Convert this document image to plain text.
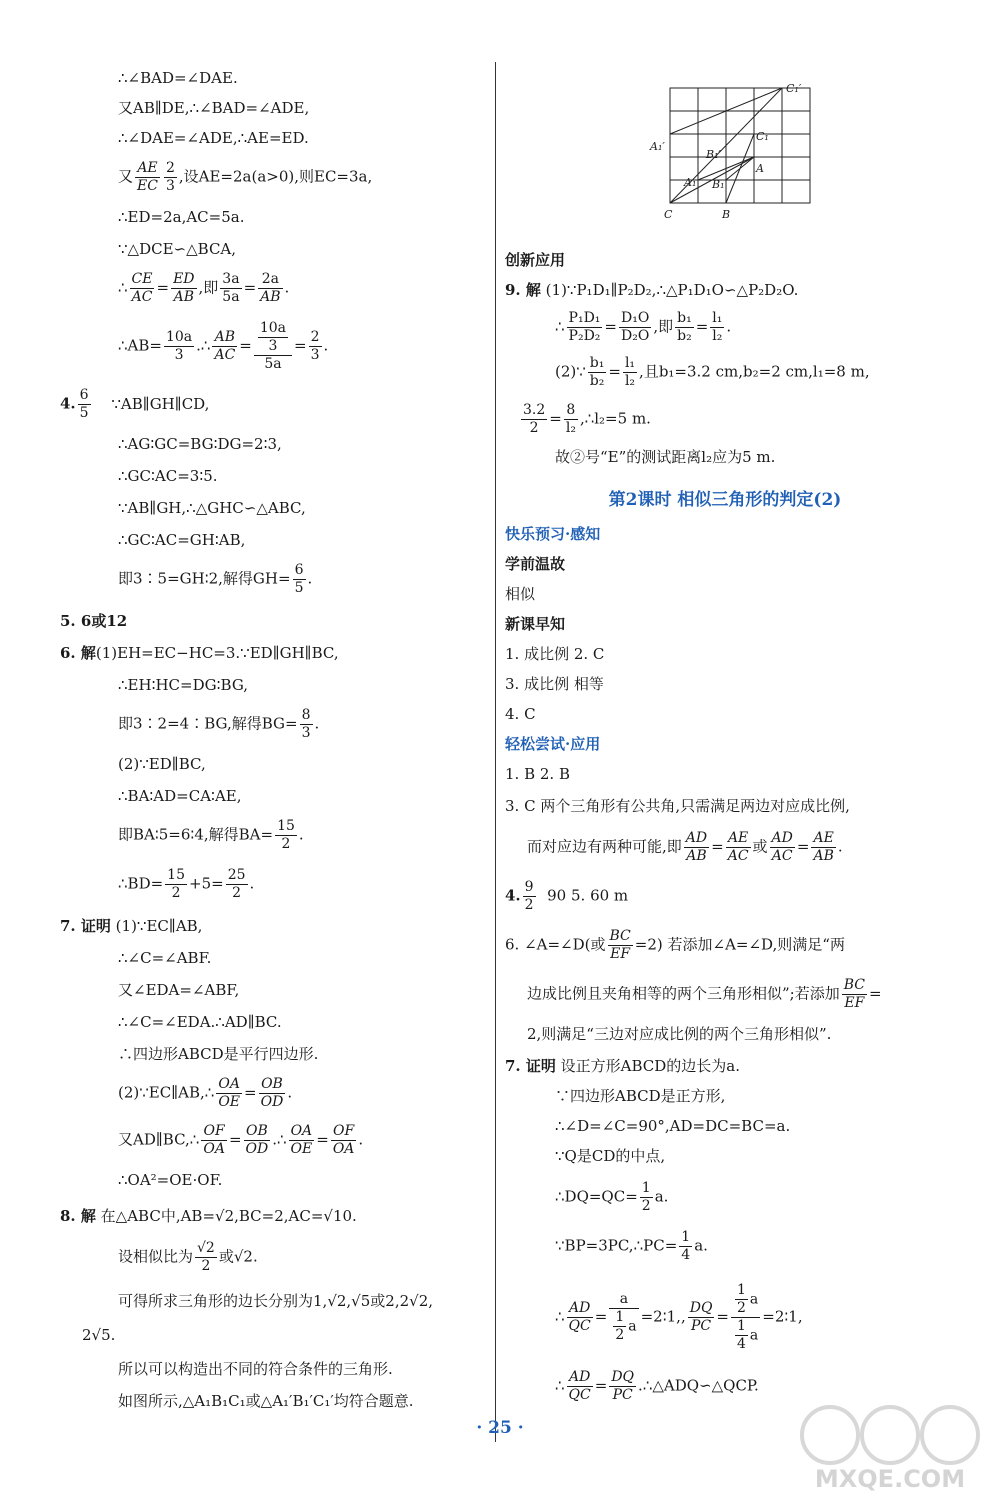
∴∠BAD=∠DAE.
又AB∥DE,∴∠BAD=∠ADE,
∴∠DAE=∠ADE,∴AE=ED.
又 $\frac{AE}{EC} \frac{2}{3}$ ,设AE=2a(a>0),则EC=3a,
∴ED=2a,AC=5a.
∵△DCE∽△BCA,
∴ $\frac{CE}{AC} = \frac{ED}{AB}$ ,即 $\frac{3a}{5a} = \frac{2a}{AB}$ .
∴AB= $\frac{10a}{3}$ .∴ $\frac{AB}{AC} = \frac{\frac{10a}{3}}{5a} = \frac{2}{3}$ .
4. $\frac{6}{5}$ ∵AB∥GH∥CD,
∴AG∶GC=BG∶DG=2∶3,
∴GC∶AC=3∶5.
∵AB∥GH,∴△GHC∽△ABC,
∴GC∶AC=GH∶AB,
即3∶5=GH∶2,解得$GH= \frac{6}{5}$ .
5. 6或12
6. 解(1)EH=EC−HC=3.∵ED∥GH∥BC,
∴EH∶HC=DG∶BG,
即3∶2=4∶BG,解得$BG= \frac{8}{3}$ .
(2)∵ED∥BC,
∴BA∶AD=CA∶AE,
即BA∶5=6∶4,解得$BA= \frac{15}{2}$ .
∴BD= $\frac{15}{2} +5= \frac{25}{2}$ .
7. 证明 (1)∵EC∥AB,
∴∠C=∠ABF.
又∠EDA=∠ABF,
∴∠C=∠EDA.∴AD∥BC.
∴四边形ABCD是平行四边形.
(2)∵EC∥AB,∴ $\frac{OA}{OE} = \frac{OB}{OD}$ .
又AD∥BC,∴ $\frac{OF}{OA} = \frac{OB}{OD}$ .∴ $\frac{OA}{OE} = \frac{OF}{OA}$ .
∴OA²=OE·OF.
8. 解 在△ABC中,AB=√2,BC=2,AC=√10.
设相似比为 $\frac{√2}{2}$ 或√2.
可得所求三角形的边长分别为1,√2,√5或2,2√2,
2√5.
所以可以构造出不同的符合条件的三角形.
如图所示,△A₁B₁C₁或△A₁′B₁′C₁′均符合题意.
C₁′
A₁′
C₁
B₁′
A
A₁ B₁
C	B
创新应用
9. 解 (1)∵P₁D₁∥P₂D₂,∴△P₁D₁O∽△P₂D₂O.
∴ $\frac{\text{P₁D₁}}{\text{P₂D₂}} = \frac{\text{D₁O}}{\text{D₂O}}$ ,即 $\frac{\text{b₁}}{\text{b₂}} = \frac{\text{l₁}}{\text{l₂}}$ .
(2)∵ $\frac{\text{b₁}}{\text{b₂}} = \frac{\text{l₁}}{\text{l₂}}$ ,且b₁=3.2 cm,b₂=2 cm,l₁=8 m,
$\frac{3.2}{2} = \frac{8}{\text{l₂}}$ ,∴l₂=5 m.
故②号“E”的测试距离l₂应为5 m.
第2课时 相似三角形的判定(2)
快乐预习·感知
学前温故
相似
新课早知
1. 成比例 2. C
3. 成比例 相等
4. C
轻松尝试·应用
1. B 2. B
3. C 两个三角形有公共角,只需满足两边对应成比例,
而对应边有两种可能,即 $\frac{AD}{AB} = \frac{AE}{AC}$ 或 $\frac{AD}{AC} = \frac{AE}{AB}$ .
4. $\frac{9}{2} 90$ 5. 60 m
6. ∠A=∠D(或 $\frac{BC}{EF} =2$) 若添加∠A=∠D,则满足“两
边成比例且夹角相等的两个三角形相似”;若添加 $\frac{BC}{EF}$ =
2,则满足“三边对应成比例的两个三角形相似”.
7. 证明 设正方形ABCD的边长为a.
∵四边形ABCD是正方形,
∴∠D=∠C=90°,AD=DC=BC=a.
∵Q是CD的中点,
∴DQ=QC= $\frac{1}{2} a$.
∵BP=3PC,∴PC= $\frac{1}{4} a$.
∴ $\frac{AD}{QC} = \frac{a}{\frac{1}{2} a}$ =2∶1,, $\frac{DQ}{PC} = \frac{\frac{1}{2} a}{\frac{1}{4} a}$ =2∶1,
∴ $\frac{AD}{QC} = \frac{DQ}{PC}$ .∴△ADQ∽△QCP.
· 25 ·
MXQE.COM
